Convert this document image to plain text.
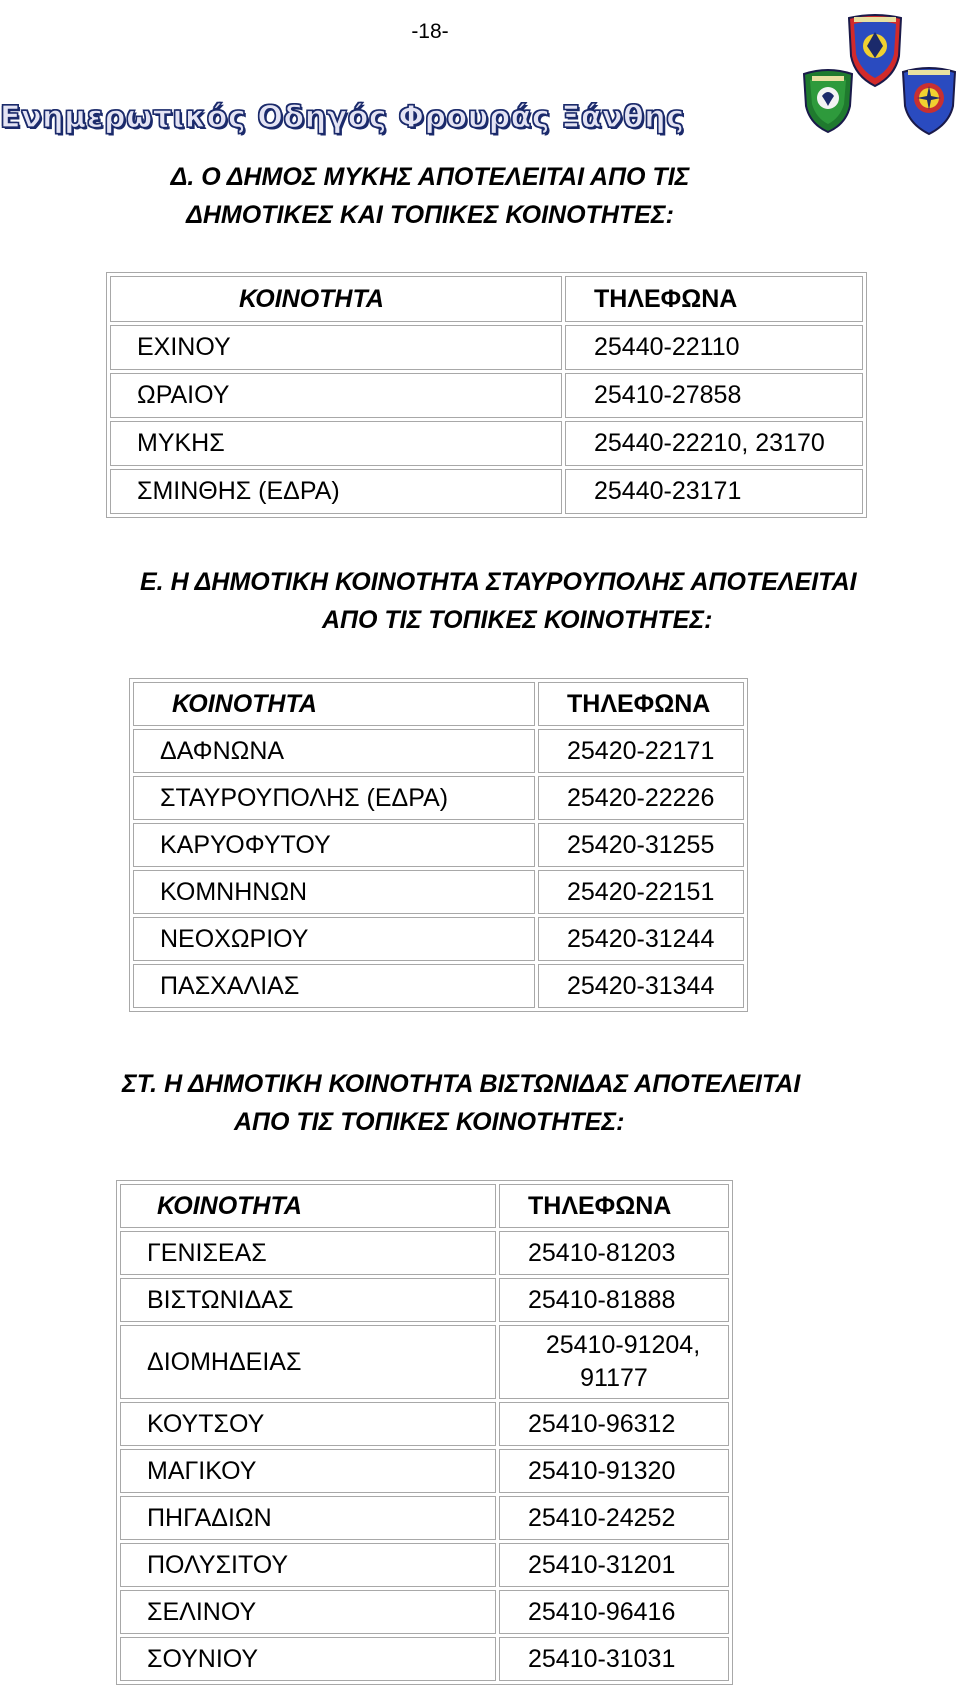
-18-
Ενημερωτικός Οδηγός Φρουράς Ξάνθης
Δ. Ο ΔΗΜΟΣ ΜΥΚΗΣ ΑΠΟΤΕΛΕΙΤΑΙ ΑΠΟ ΤΙΣ
ΔΗΜΟΤΙΚΕΣ ΚΑΙ ΤΟΠΙΚΕΣ ΚΟΙΝΟΤΗΤΕΣ:
ΚΟΙΝΟΤΗΤΑ	ΤΗΛΕΦΩΝΑ
ΕΧΙΝΟΥ	25440-22110
ΩΡΑΙΟΥ	25410-27858
ΜΥΚΗΣ	25440-22210, 23170
ΣΜΙΝΘΗΣ (ΕΔΡΑ)	25440-23171
Ε. Η ΔΗΜΟΤΙΚΗ ΚΟΙΝΟΤΗΤΑ ΣΤΑΥΡΟΥΠΟΛΗΣ ΑΠΟΤΕΛΕΙΤΑΙ
ΑΠΟ ΤΙΣ ΤΟΠΙΚΕΣ ΚΟΙΝΟΤΗΤΕΣ:
ΚΟΙΝΟΤΗΤΑ	ΤΗΛΕΦΩΝΑ
ΔΑΦΝΩΝΑ	25420-22171
ΣΤΑΥΡΟΥΠΟΛΗΣ (ΕΔΡΑ)	25420-22226
ΚΑΡΥΟΦΥΤΟΥ	25420-31255
ΚΟΜΝΗΝΩΝ	25420-22151
ΝΕΟΧΩΡΙΟΥ	25420-31244
ΠΑΣΧΑΛΙΑΣ	25420-31344
ΣΤ. Η ΔΗΜΟΤΙΚΗ ΚΟΙΝΟΤΗΤΑ ΒΙΣΤΩΝΙΔΑΣ ΑΠΟΤΕΛΕΙΤΑΙ
ΑΠΟ ΤΙΣ ΤΟΠΙΚΕΣ ΚΟΙΝΟΤΗΤΕΣ:
ΚΟΙΝΟΤΗΤΑ	ΤΗΛΕΦΩΝΑ
ΓΕΝΙΣΕΑΣ	25410-81203
ΒΙΣΤΩΝΙΔΑΣ	25410-81888
ΔΙΟΜΗΔΕΙΑΣ	25410-91204,
91177

ΚΟΥΤΣΟΥ	25410-96312
ΜΑΓΙΚΟΥ	25410-91320
ΠΗΓΑΔΙΩΝ	25410-24252
ΠΟΛΥΣΙΤΟΥ	25410-31201
ΣΕΛΙΝΟΥ	25410-96416
ΣΟΥΝΙΟΥ	25410-31031
